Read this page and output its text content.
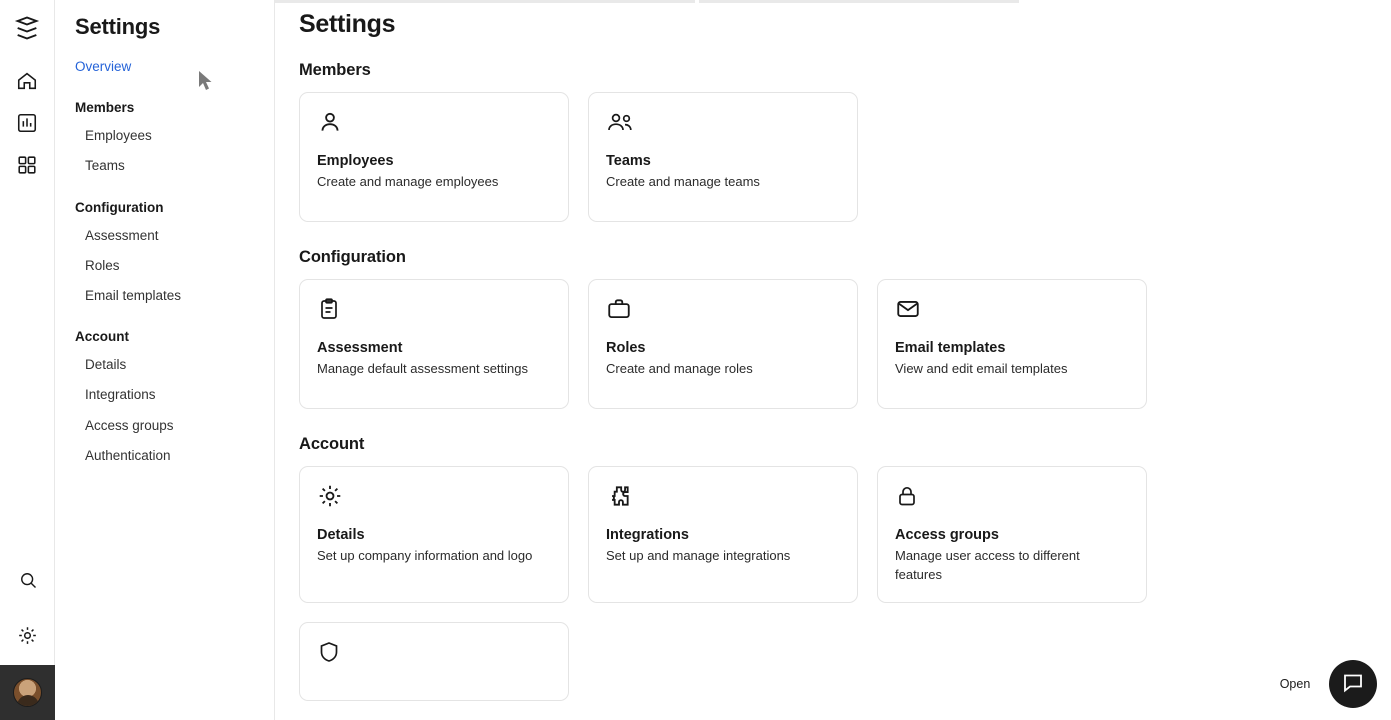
Settings
Overview
Members
Employees
Teams
Configuration
Assessment
Roles
Email templates
Account
Details
Integrations
Access groups
Authentication
Settings
Members
Employees
Create and manage employees
Teams
Create and manage teams
Configuration
Assessment
Manage default assessment settings
Roles
Create and manage roles
Email templates
View and edit email templates
Account
Details
Set up company information and logo
Integrations
Set up and manage integrations
Access groups
Manage user access to different features
Open
